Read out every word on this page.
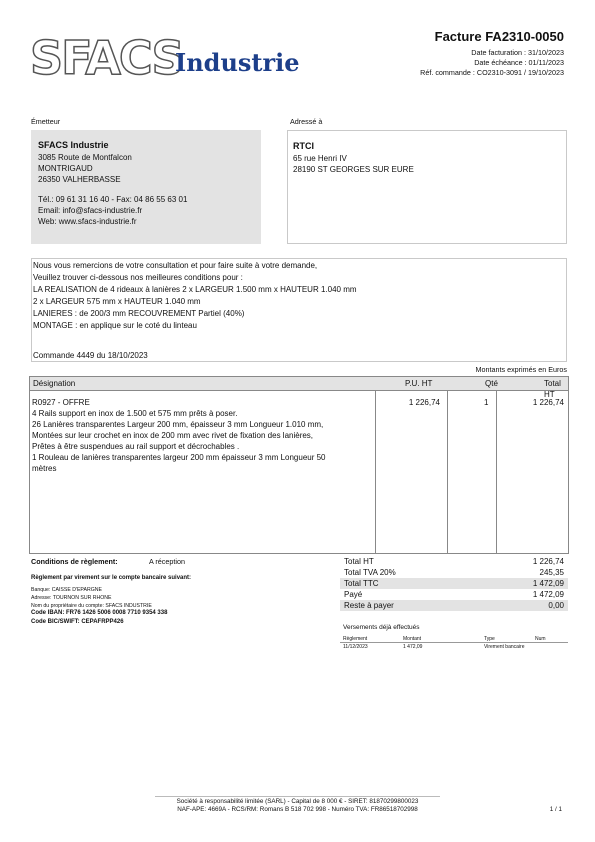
SFACS
Industrie
Facture FA2310-0050
Date facturation : 31/10/2023
Date échéance : 01/11/2023
Réf. commande : CO2310-3091 / 19/10/2023
Émetteur	Adressé à
SFACS Industrie
3085 Route de Montfalcon
MONTRIGAUD
26350 VALHERBASSE
Tél.: 09 61 31 16 40 - Fax: 04 86 55 63 01
Email: info@sfacs-industrie.fr
Web: www.sfacs-industrie.fr
RTCI
65 rue Henri IV
28190 ST GEORGES SUR EURE
Nous vous remercions de votre consultation et pour faire suite à votre demande,
Veuillez trouver ci-dessous nos meilleures conditions pour :
LA REALISATION de 4 rideaux à lanières 2 x LARGEUR 1.500 mm x HAUTEUR 1.040 mm
2 x LARGEUR 575 mm x HAUTEUR 1.040 mm
LANIERES : de 200/3 mm RECOUVREMENT Partiel (40%)
MONTAGE : en applique sur le coté du linteau
Commande 4449 du 18/10/2023
Montants exprimés en Euros
Désignation	P.U. HT	Qté	Total HT
R0927 - OFFRE
4 Rails support en inox de 1.500 et 575 mm prêts à poser.
26 Lanières transparentes Largeur 200 mm, épaisseur 3 mm Longueur 1.010 mm,
Montées sur leur crochet en inox de 200 mm avec rivet de fixation des lanières,
Prêtes à être suspendues au rail support et décrochables .
1 Rouleau de lanières transparentes largeur 200 mm épaisseur 3 mm Longueur 50
mètres
1 226,74	1	1 226,74
Conditions de règlement:	A réception
Règlement par virement sur le compte bancaire suivant:
Banque: CAISSE D'EPARGNE
Adresse: TOURNON SUR RHONE
Nom du propriétaire du compte: SFACS INDUSTRIE
Code IBAN: FR76 1426 5006 0008 7710 9354 338
Code BIC/SWIFT: CEPAFRPP426
Total HT	1 226,74
Total TVA 20%	245,35
Total TTC	1 472,09
Payé	1 472,09
Reste à payer	0,00
Versements déjà effectués
Règlement	Montant	Type	Num
11/12/2023	1 472,09	Virement bancaire
Société à responsabilité limitée (SARL) - Capital de 8 000 € - SIRET: 81870299800023
NAF-APE: 4669A - RCS/RM: Romans B 518 702 998 - Numéro TVA: FR86518702998	1 / 1
